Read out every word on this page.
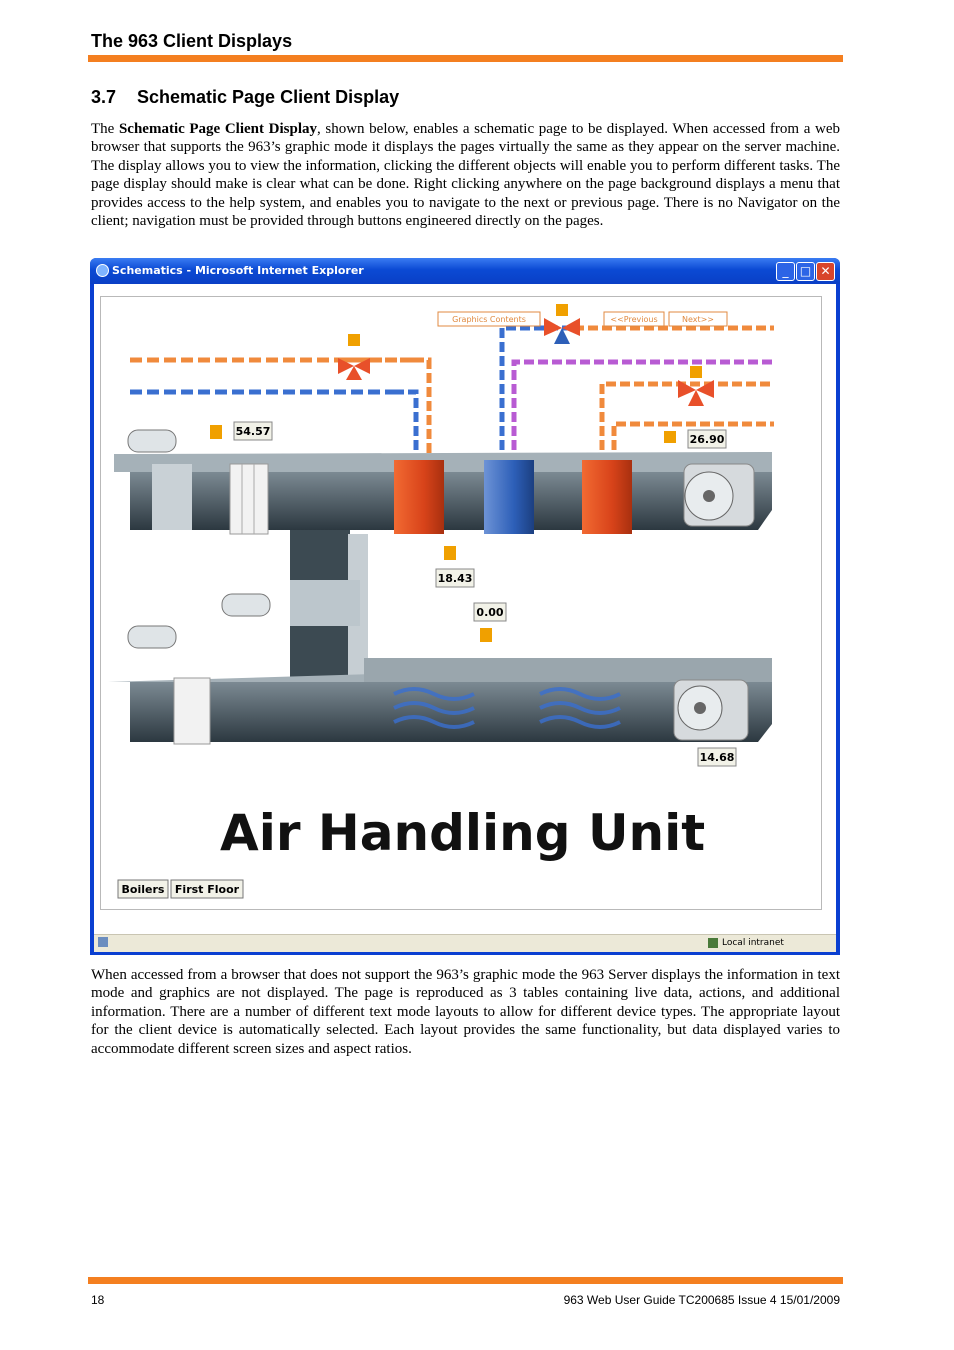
The 963 Client Displays
3.7 Schematic Page Client Display
The Schematic Page Client Display, shown below, enables a schematic page to be displayed. When accessed from a web browser that supports the 963’s graphic mode it displays the pages virtually the same as they appear on the server machine. The display allows you to view the information, clicking the different objects will enable you to perform different tasks. The page display should make is clear what can be done. Right clicking anywhere on the page background displays a menu that provides access to the help system, and enables you to navigate to the next or previous page. There is no Navigator on the client; navigation must be provided through buttons engineered directly on the pages.
Schematics - Microsoft Internet Explorer	_ □ ✕
54.57
26.90
18.43
0.00
14.68
Graphics Contents	<<Previous	Next>>
Air Handling Unit
Boilers First Floor
Local intranet
When accessed from a browser that does not support the 963’s graphic mode the 963 Server displays the information in text mode and graphics are not displayed. The page is reproduced as 3 tables containing live data, actions, and additional information. There are a number of different text mode layouts to allow for different device types. The appropriate layout for the client device is automatically selected. Each layout provides the same functionality, but data displayed varies to accommodate different screen sizes and aspect ratios.
18	963 Web User Guide TC200685 Issue 4 15/01/2009
